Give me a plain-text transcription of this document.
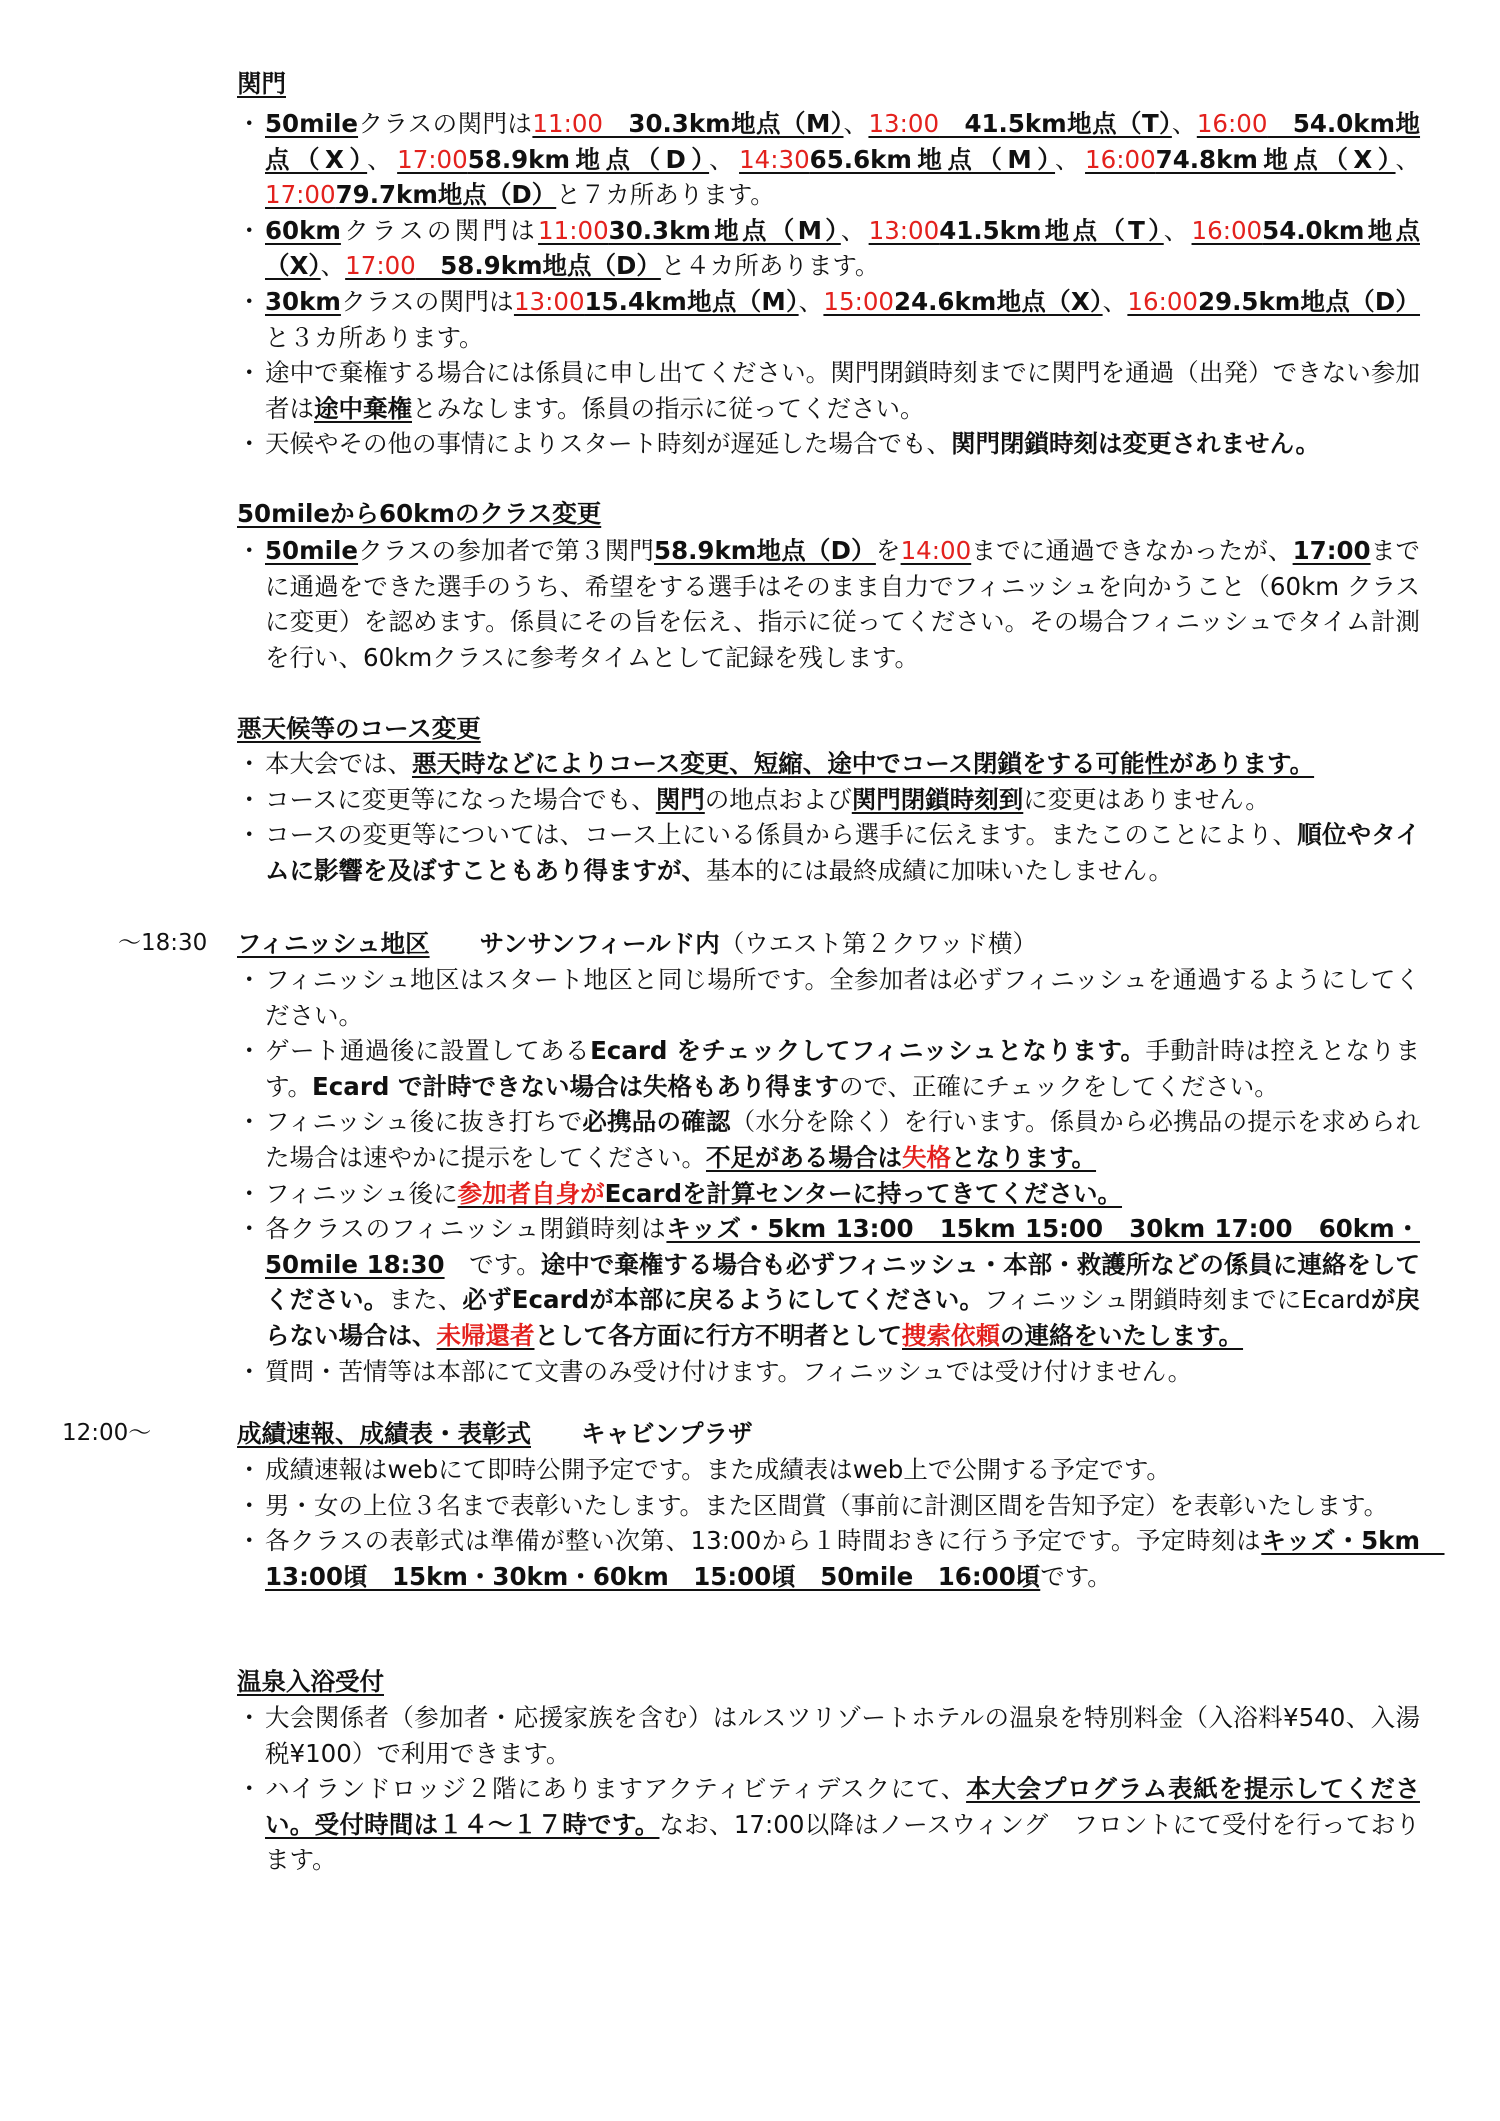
関門
・ 50mileクラスの関門は11:00　30.3km地点（M）、13:00　41.5km地点（T）、16:00　54.0km地点（X）、17:0058.9km地点（D）、14:3065.6km地点（M）、16:0074.8km地点（X）、17:0079.7km地点（D）と７カ所あります。
・ 60kmクラスの関門は11:0030.3km地点（M）、13:0041.5km地点（T）、16:0054.0km地点（X）、17:00　58.9km地点（D）と４カ所あります。
・ 30kmクラスの関門は13:0015.4km地点（M）、15:0024.6km地点（X）、16:0029.5km地点（D）と３カ所あります。
・ 途中で棄権する場合には係員に申し出てください。関門閉鎖時刻までに関門を通過（出発）できない参加者は途中棄権とみなします。係員の指示に従ってください。
・ 天候やその他の事情によりスタート時刻が遅延した場合でも、関門閉鎖時刻は変更されません。
50mileから60kmのクラス変更
・ 50mileクラスの参加者で第３関門58.9km地点（D）を14:00までに通過できなかったが、17:00までに通過をできた選手のうち、希望をする選手はそのまま自力でフィニッシュを向かうこと（60km クラスに変更）を認めます。係員にその旨を伝え、指示に従ってください。その場合フィニッシュでタイム計測を行い、60kmクラスに参考タイムとして記録を残します。
悪天候等のコース変更
・ 本大会では、悪天時などによりコース変更、短縮、途中でコース閉鎖をする可能性があります。
・ コースに変更等になった場合でも、関門の地点および関門閉鎖時刻到に変更はありません。
・ コースの変更等については、コース上にいる係員から選手に伝えます。またこのことにより、順位やタイムに影響を及ぼすこともあり得ますが、基本的には最終成績に加味いたしません。
〜18:30 フィニッシュ地区 サンサンフィールド内（ウエスト第２クワッド横）
・ フィニッシュ地区はスタート地区と同じ場所です。全参加者は必ずフィニッシュを通過するようにしてください。
・ ゲート通過後に設置してあるEcard をチェックしてフィニッシュとなります。手動計時は控えとなります。Ecard で計時できない場合は失格もあり得ますので、正確にチェックをしてください。
・ フィニッシュ後に抜き打ちで必携品の確認（水分を除く）を行います。係員から必携品の提示を求められた場合は速やかに提示をしてください。不足がある場合は失格となります。
・ フィニッシュ後に参加者自身がEcardを計算センターに持ってきてください。
・ 各クラスのフィニッシュ閉鎖時刻はキッズ・5km 13:00　15km 15:00　30km 17:00　60km・50mile 18:30　です。途中で棄権する場合も必ずフィニッシュ・本部・救護所などの係員に連絡をしてください。また、必ずEcardが本部に戻るようにしてください。フィニッシュ閉鎖時刻までにEcardが戻らない場合は、未帰還者として各方面に行方不明者として捜索依頼の連絡をいたします。
・ 質問・苦情等は本部にて文書のみ受け付けます。フィニッシュでは受け付けません。
12:00〜	成績速報、成績表・表彰式 キャビンプラザ
・ 成績速報はwebにて即時公開予定です。また成績表はweb上で公開する予定です。
・ 男・女の上位３名まで表彰いたします。また区間賞（事前に計測区間を告知予定）を表彰いたします。
・ 各クラスの表彰式は準備が整い次第、13:00から１時間おきに行う予定です。予定時刻はキッズ・5km　13:00頃　15km・30km・60km　15:00頃　50mile　16:00頃です。
温泉入浴受付
・ 大会関係者（参加者・応援家族を含む）はルスツリゾートホテルの温泉を特別料金（入浴料¥540、入湯税¥100）で利用できます。
・ ハイランドロッジ２階にありますアクティビティデスクにて、本大会プログラム表紙を提示してください。受付時間は１４～１７時です。なお、17:00以降はノースウィング　フロントにて受付を行っております。
